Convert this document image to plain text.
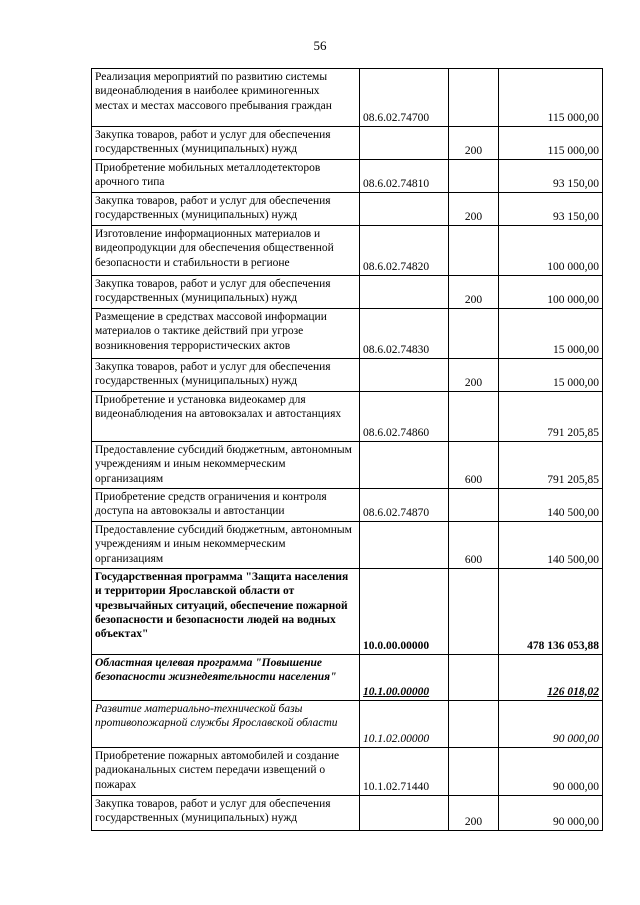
56
Реализация мероприятий по развитию системы видеонаблюдения в наиболее криминогенных местах и местах массового пребывания граждан	08.6.02.74700		115 000,00
Закупка товаров, работ и услуг для обеспечения государственных (муниципальных) нужд		200	115 000,00
Приобретение мобильных металлодетекторов арочного типа	08.6.02.74810		93 150,00
Закупка товаров, работ и услуг для обеспечения государственных (муниципальных) нужд		200	93 150,00
Изготовление информационных материалов и видеопродукции для обеспечения общественной безопасности и стабильности в регионе	08.6.02.74820		100 000,00
Закупка товаров, работ и услуг для обеспечения государственных (муниципальных) нужд		200	100 000,00
Размещение в средствах массовой информации материалов о тактике действий при угрозе возникновения террористических актов	08.6.02.74830		15 000,00
Закупка товаров, работ и услуг для обеспечения государственных (муниципальных) нужд		200	15 000,00
Приобретение и установка видеокамер для видеонаблюдения на автовокзалах и автостанциях	08.6.02.74860		791 205,85
Предоставление субсидий бюджетным, автономным учреждениям и иным некоммерческим организациям		600	791 205,85
Приобретение средств ограничения и контроля доступа на автовокзалы и автостанции	08.6.02.74870		140 500,00
Предоставление субсидий бюджетным, автономным учреждениям и иным некоммерческим организациям		600	140 500,00
Государственная программа "Защита населения и территории Ярославской области от чрезвычайных ситуаций, обеспечение пожарной безопасности и безопасности людей на водных объектах"	10.0.00.00000		478 136 053,88
Областная целевая программа "Повышение безопасности жизнедеятельности населения"	10.1.00.00000		126 018,02
Развитие материально-технической базы противопожарной службы Ярославской области	10.1.02.00000		90 000,00
Приобретение пожарных автомобилей и создание радиоканальных систем передачи извещений о пожарах	10.1.02.71440		90 000,00
Закупка товаров, работ и услуг для обеспечения государственных (муниципальных) нужд		200	90 000,00
